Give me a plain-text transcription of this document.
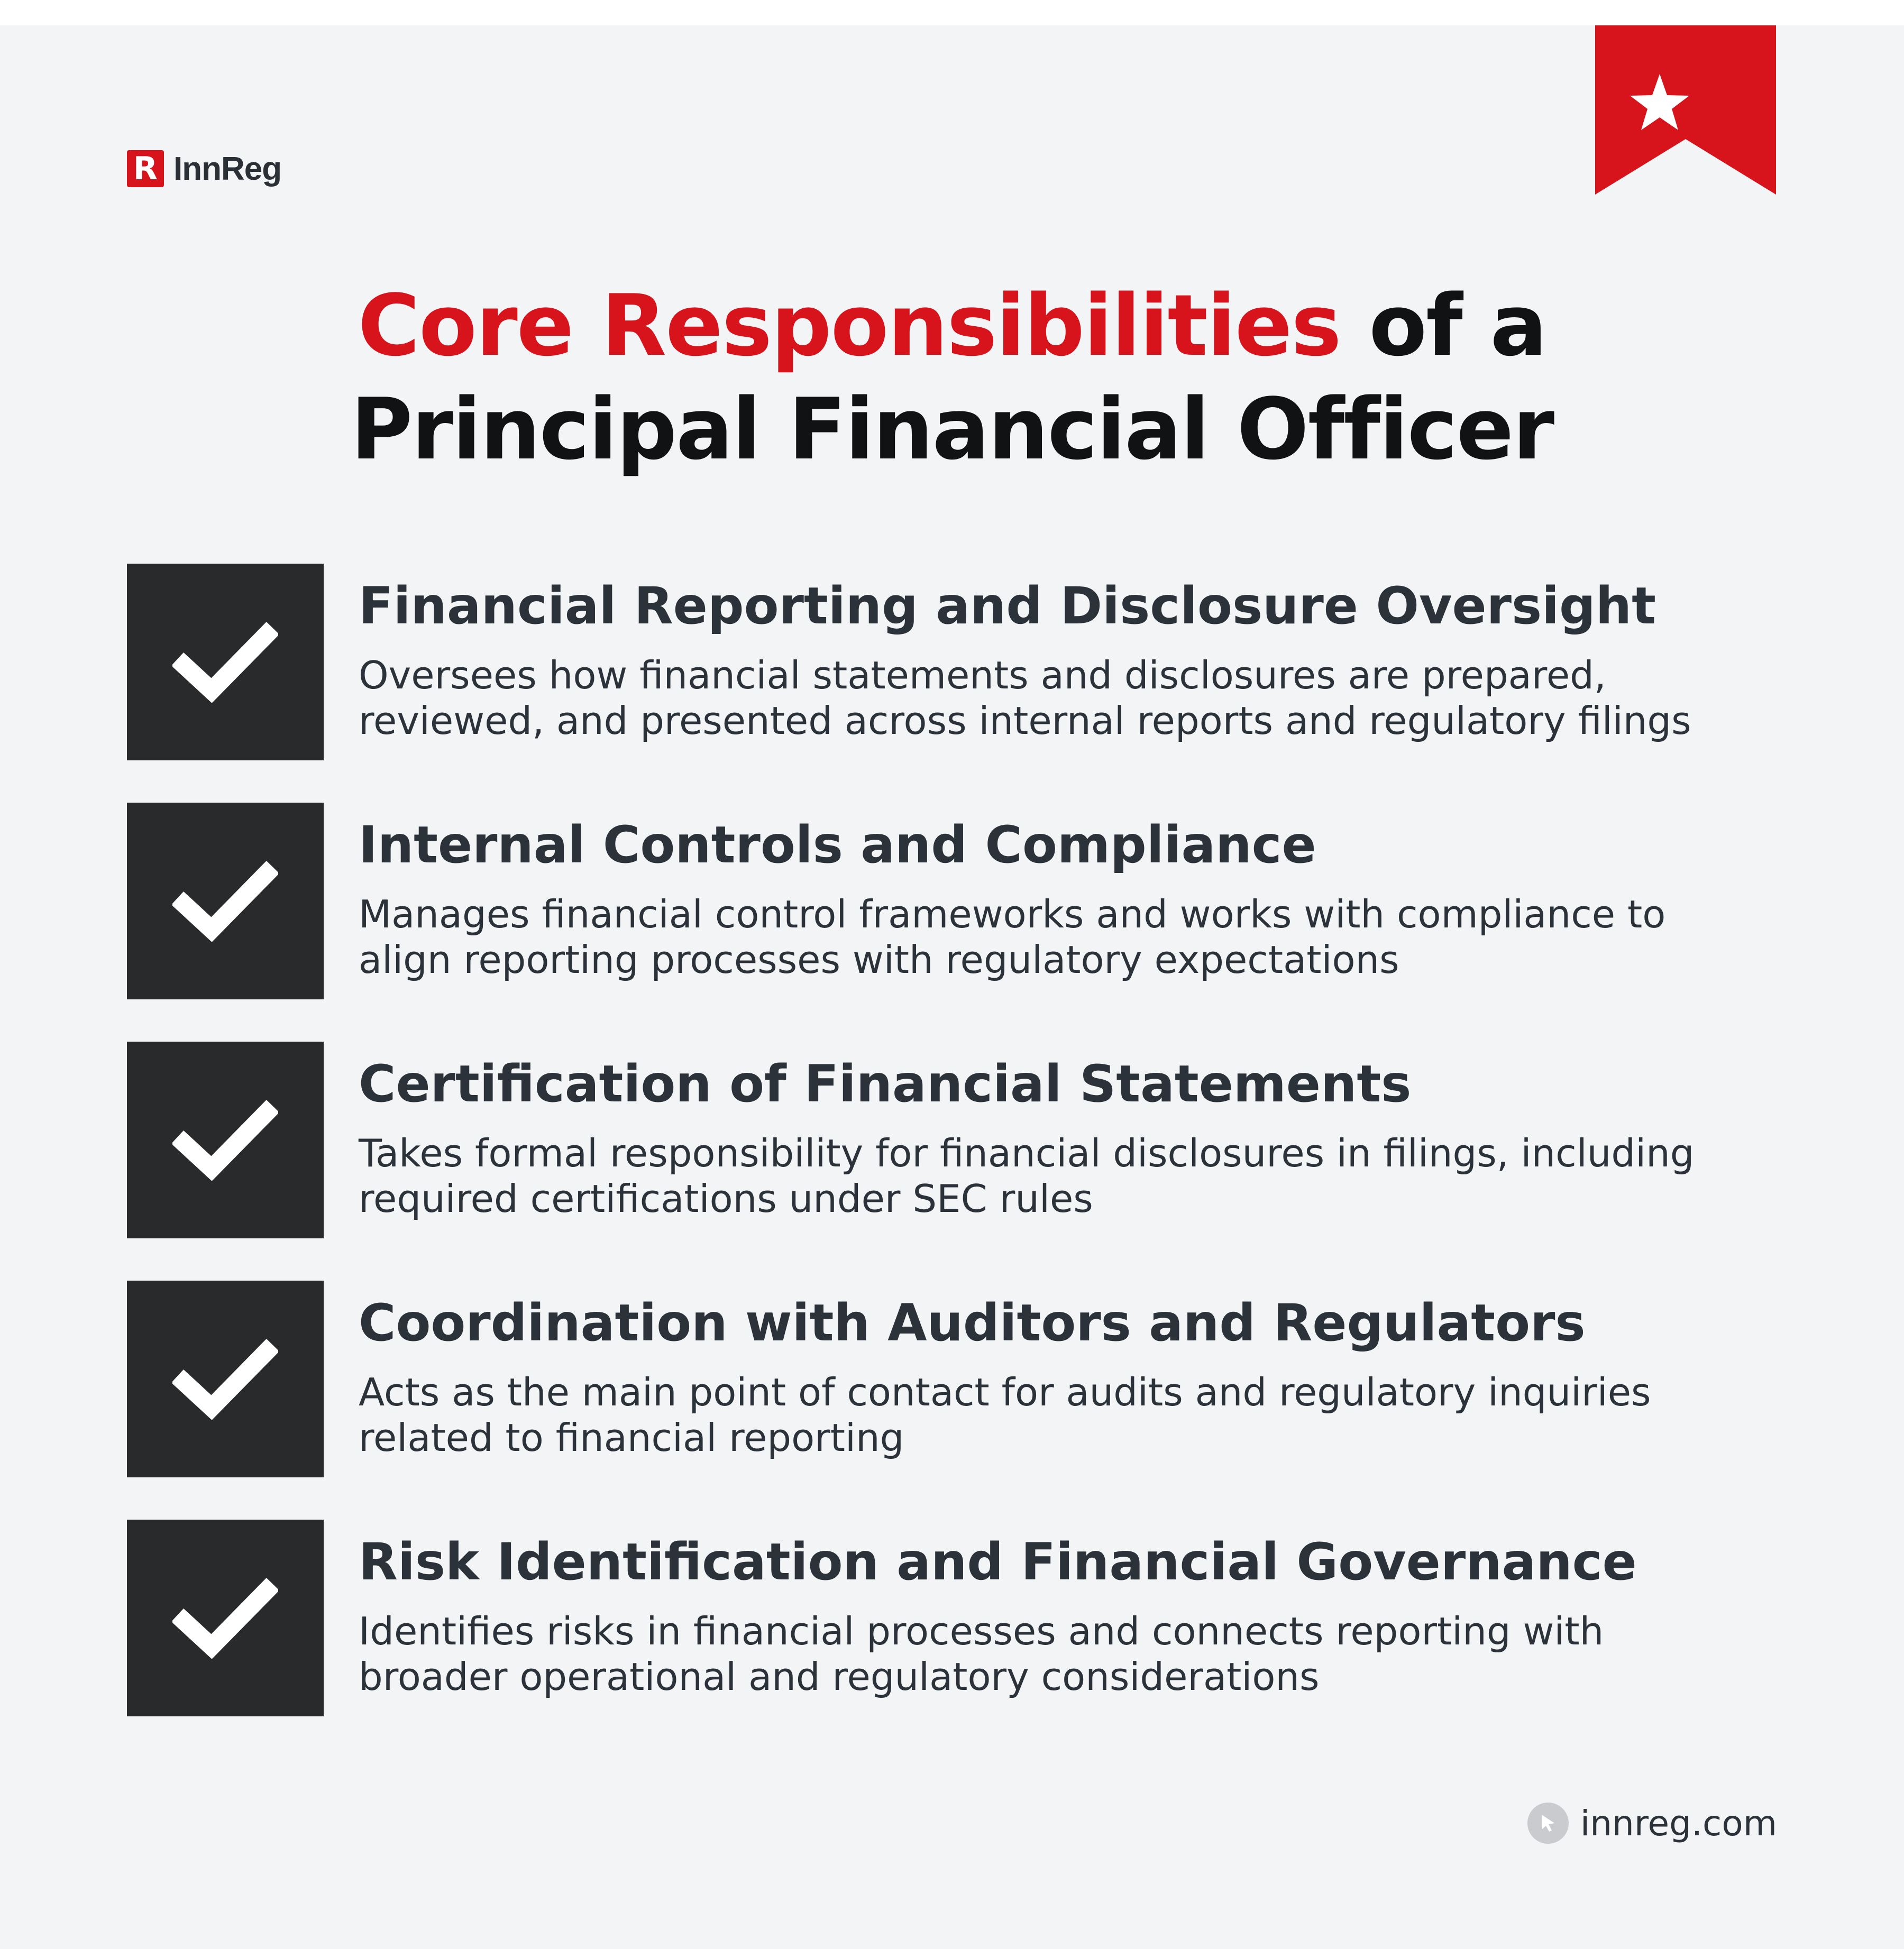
R InnReg
Core Responsibilities of a
Principal Financial Officer
Financial Reporting and Disclosure Oversight
Oversees how financial statements and disclosures are prepared,
reviewed, and presented across internal reports and regulatory filings
Internal Controls and Compliance
Manages financial control frameworks and works with compliance to
align reporting processes with regulatory expectations
Certification of Financial Statements
Takes formal responsibility for financial disclosures in filings, including
required certifications under SEC rules
Coordination with Auditors and Regulators
Acts as the main point of contact for audits and regulatory inquiries
related to financial reporting
Risk Identification and Financial Governance
Identifies risks in financial processes and connects reporting with
broader operational and regulatory considerations
innreg.com
